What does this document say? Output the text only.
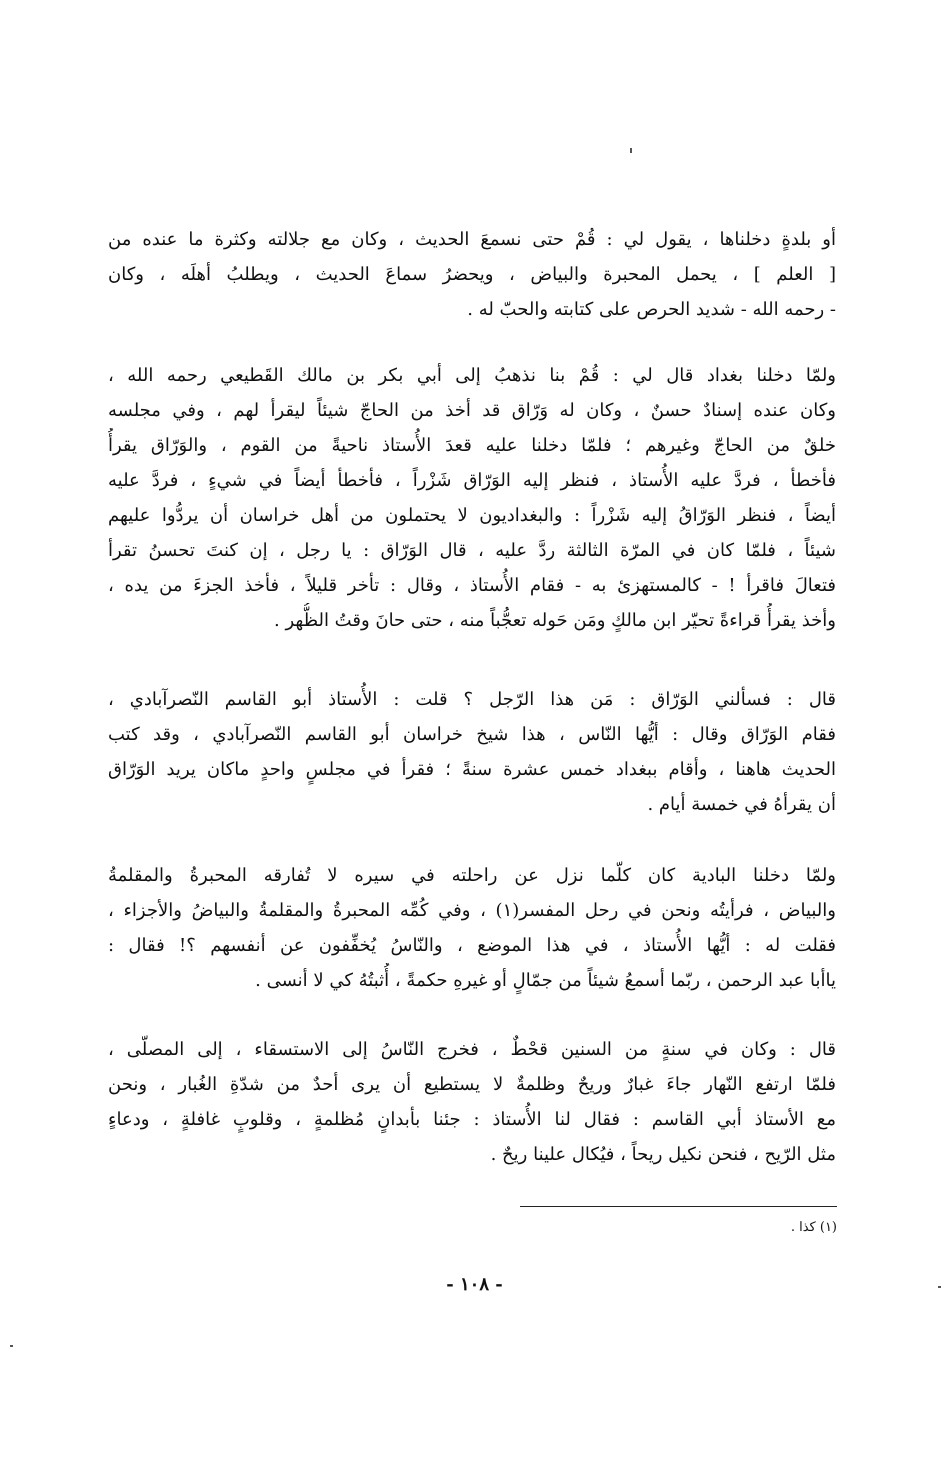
أو بلدةٍ دخلناها ، يقول لي : قُمْ حتى نسمعَ الحديث ، وكان مع جلالته وكثرة ما عنده من
[ العلم ] ، يحمل المحبرة والبياض ، ويحضرُ سماعَ الحديث ، ويطلبُ أهلَه ، وكان
- رحمه الله - شديد الحرص على كتابته والحبّ له .
ولمّا دخلنا بغداد قال لي : قُمْ بنا نذهبُ إلى أبي بكر بن مالك القَطيعي رحمه الله ،
وكان عنده إسنادٌ حسنٌ ، وكان له وَرّاق قد أخذ من الحاجّ شيئاً ليقرأ لهم ، وفي مجلسه
خلقٌ من الحاجّ وغيرهم ؛ فلمّا دخلنا عليه قعدَ الأُستاذ ناحيةً من القوم ، والوَرّاق يقرأُ
فأخطأ ، فردَّ عليه الأُستاذ ، فنظر إليه الوَرّاق شَزْراً ، فأخطأ أيضاً في شيءٍ ، فردَّ عليه
أيضاً ، فنظر الوَرّاقُ إليه شَزْراً : والبغداديون لا يحتملون من أهل خراسان أن يردُّوا عليهم
شيئاً ، فلمّا كان في المرّة الثالثة ردَّ عليه ، قال الوَرّاق : يا رجل ، إن كنتَ تحسنُ تقرأ
فتعالَ فاقرأ ! - كالمستهزئ به - فقام الأُستاذ ، وقال : تأخر قليلاً ، فأخذ الجزءَ من يده ،
وأخذ يقرأُ قراءةً تحيّر ابن مالكٍ ومَن حَوله تعجُّباً منه ، حتى حانَ وقتُ الظُّهر .
قال : فسألني الوَرّاق : مَن هذا الرّجل ؟ قلت : الأُستاذ أبو القاسم النّصرآبادي ،
فقام الوَرّاق وقال : أيُّها النّاس ، هذا شيخ خراسان أبو القاسم النّصرآبادي ، وقد كتب
الحديث هاهنا ، وأقام ببغداد خمس عشرة سنةً ؛ فقرأ في مجلسٍ واحدٍ ماكان يريد الوَرّاق
أن يقرأهُ في خمسة أيام .
ولمّا دخلنا البادية كان كلّما نزل عن راحلته في سيره لا تُفارقه المحبرةُ والمقلمةُ
والبياض ، فرأيتُه ونحن في رحل المفسر(١) ، وفي كُمِّه المحبرةُ والمقلمةُ والبياضُ والأجزاء ،
فقلت له : أيُّها الأُستاذ ، في هذا الموضع ، والنّاسُ يُخفِّفون عن أنفسهم ؟! فقال :
ياأبا عبد الرحمن ، ربّما أسمعُ شيئاً من جمّالٍ أو غيرهِ حكمةً ، أُثبتُهُ كي لا أنسى .
قال : وكان في سنةٍ من السنين قحْطٌ ، فخرج النّاسُ إلى الاستسقاء ، إلى المصلّى ،
فلمّا ارتفع النّهار جاءَ غبارٌ وريحٌ وظلمةٌ لا يستطيع أن يرى أحدٌ من شدّةِ الغُبار ، ونحن
مع الأستاذ أبي القاسم : فقال لنا الأُستاذ : جئنا بأبدانٍ مُظلمةٍ ، وقلوبٍ غافلةٍ ، ودعاءٍ
مثل الرّيح ، فنحن نكيل ريحاً ، فيُكال علينا ريحٌ .
(١) كذا .
- ١٠٨ -
